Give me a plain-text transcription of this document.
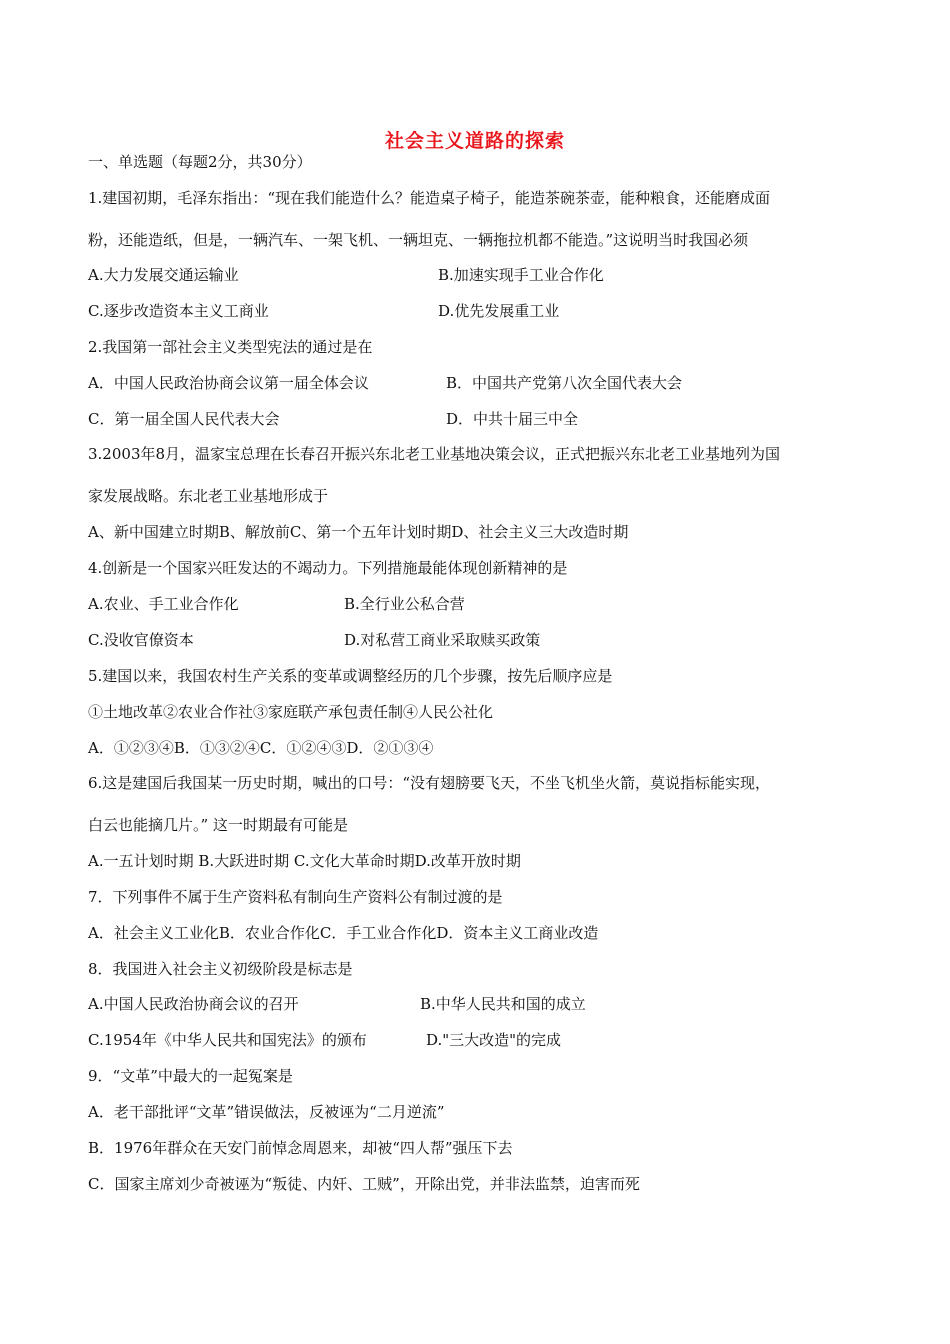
社会主义道路的探索
一、单选题（每题2分，共30分）
1.建国初期，毛泽东指出：“现在我们能造什么？能造桌子椅子，能造茶碗茶壶，能种粮食，还能磨成面
粉，还能造纸，但是，一辆汽车、一架飞机、一辆坦克、一辆拖拉机都不能造。”这说明当时我国必须
A.大力发展交通运输业	B.加速实现手工业合作化
C.逐步改造资本主义工商业	D.优先发展重工业
2.我国第一部社会主义类型宪法的通过是在
A．中国人民政治协商会议第一届全体会议	B．中国共产党第八次全国代表大会
C．第一届全国人民代表大会	D．中共十届三中全
3.2003年8月，温家宝总理在长春召开振兴东北老工业基地决策会议，正式把振兴东北老工业基地列为国
家发展战略。东北老工业基地形成于
A、新中国建立时期B、解放前C、第一个五年计划时期D、社会主义三大改造时期
4.创新是一个国家兴旺发达的不竭动力。下列措施最能体现创新精神的是
A.农业、手工业合作化	B.全行业公私合营
C.没收官僚资本	D.对私营工商业采取赎买政策
5.建国以来，我国农村生产关系的变革或调整经历的几个步骤，按先后顺序应是
①土地改革②农业合作社③家庭联产承包责任制④人民公社化
A．①②③④B．①③②④C．①②④③D．②①③④
6.这是建国后我国某一历史时期，喊出的口号：“没有翅膀要飞天，不坐飞机坐火箭，莫说指标能实现，
白云也能摘几片。” 这一时期最有可能是
A.一五计划时期 B.大跃进时期 C.文化大革命时期D.改革开放时期
7．下列事件不属于生产资料私有制向生产资料公有制过渡的是
A．社会主义工业化B．农业合作化C．手工业合作化D．资本主义工商业改造
8．我国进入社会主义初级阶段是标志是
A.中国人民政治协商会议的召开	B.中华人民共和国的成立
C.1954年《中华人民共和国宪法》的颁布	D."三大改造"的完成
9．“文革”中最大的一起冤案是
A．老干部批评“文革”错误做法，反被诬为“二月逆流”
B．1976年群众在天安门前悼念周恩来，却被“四人帮”强压下去
C．国家主席刘少奇被诬为“叛徒、内奸、工贼”，开除出党，并非法监禁，迫害而死
